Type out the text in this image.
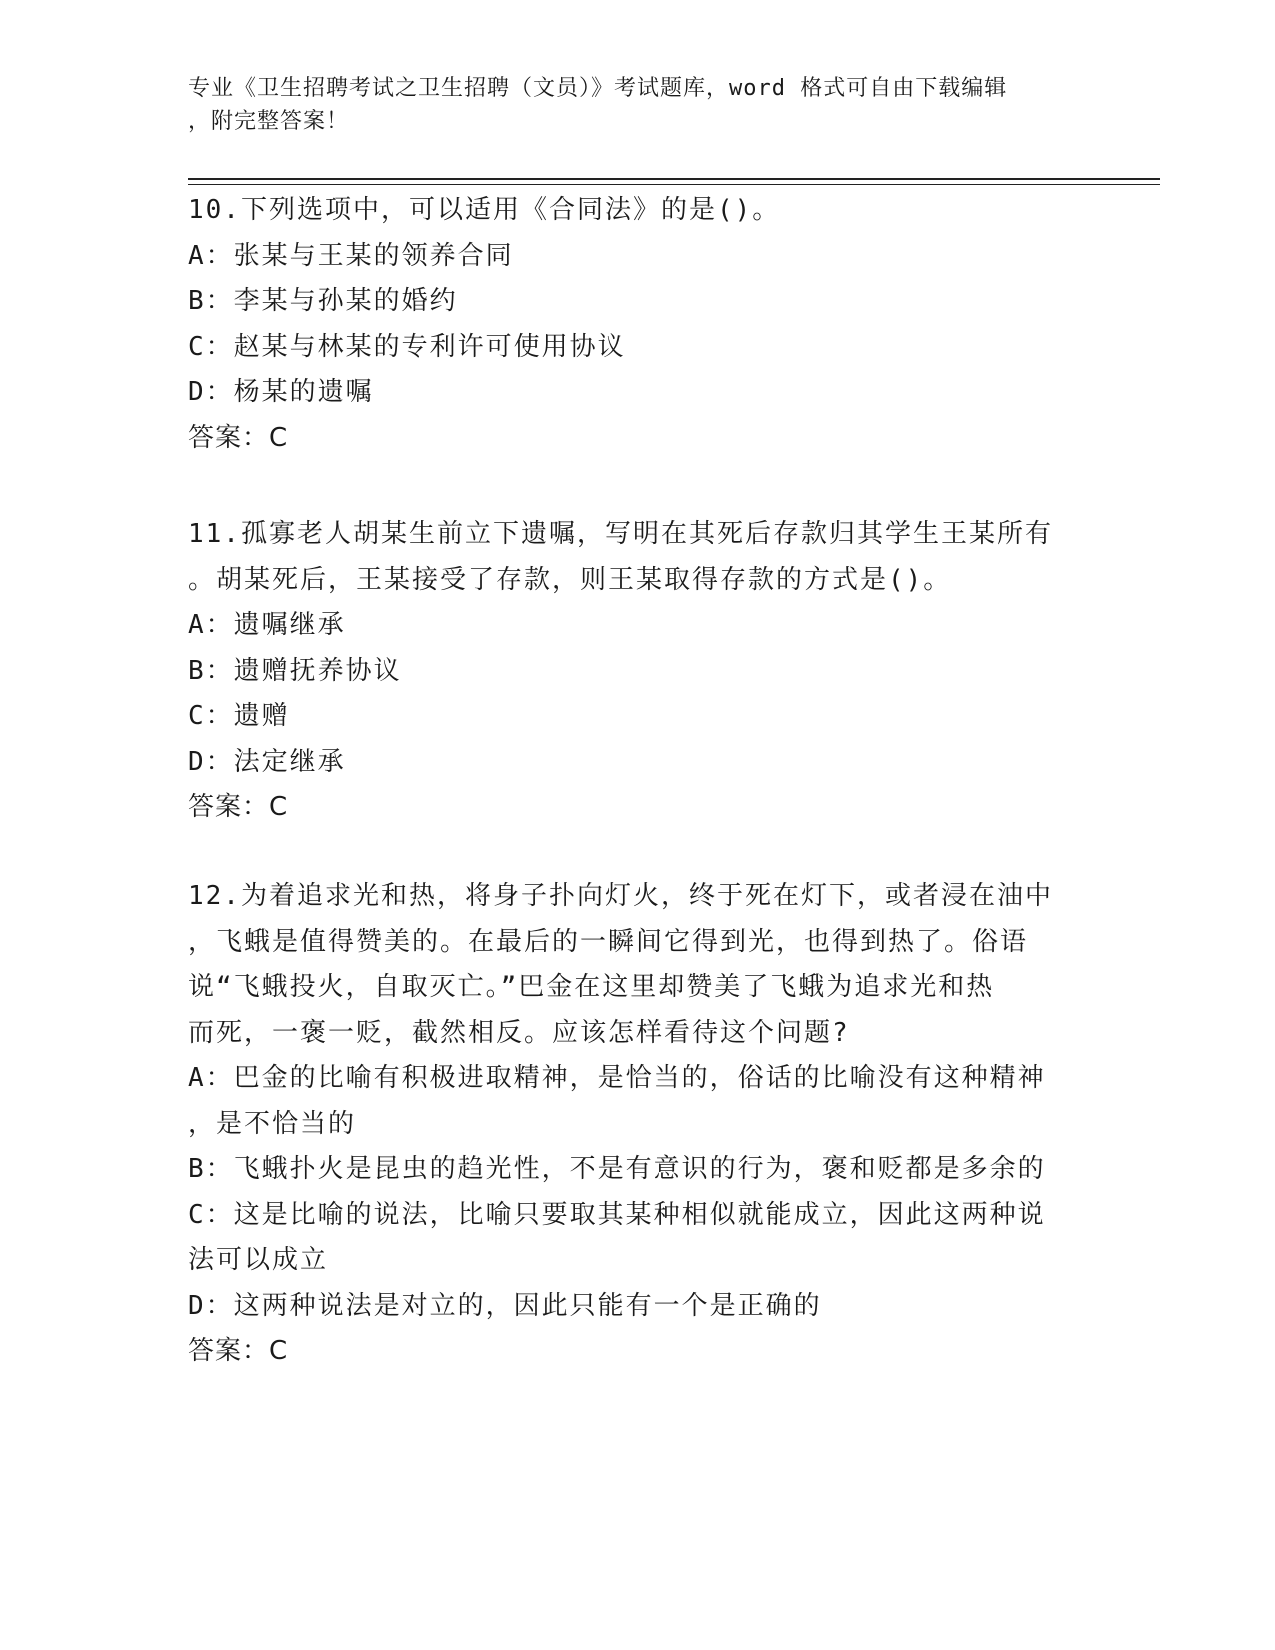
专业《卫生招聘考试之卫生招聘（文员）》考试题库，word 格式可自由下载编辑
，附完整答案！
10.下列选项中，可以适用《合同法》的是()。
A：张某与王某的领养合同
B：李某与孙某的婚约
C：赵某与林某的专利许可使用协议
D：杨某的遗嘱
答案：C
11.孤寡老人胡某生前立下遗嘱，写明在其死后存款归其学生王某所有
。胡某死后，王某接受了存款，则王某取得存款的方式是()。
A：遗嘱继承
B：遗赠抚养协议
C：遗赠
D：法定继承
答案：C
12.为着追求光和热，将身子扑向灯火，终于死在灯下，或者浸在油中
，飞蛾是值得赞美的。在最后的一瞬间它得到光，也得到热了。俗语
说“飞蛾投火，自取灭亡。”巴金在这里却赞美了飞蛾为追求光和热
而死，一褒一贬，截然相反。应该怎样看待这个问题?
A：巴金的比喻有积极进取精神，是恰当的，俗话的比喻没有这种精神
，是不恰当的
B：飞蛾扑火是昆虫的趋光性，不是有意识的行为，褒和贬都是多余的
C：这是比喻的说法，比喻只要取其某种相似就能成立，因此这两种说
法可以成立
D：这两种说法是对立的，因此只能有一个是正确的
答案：C
